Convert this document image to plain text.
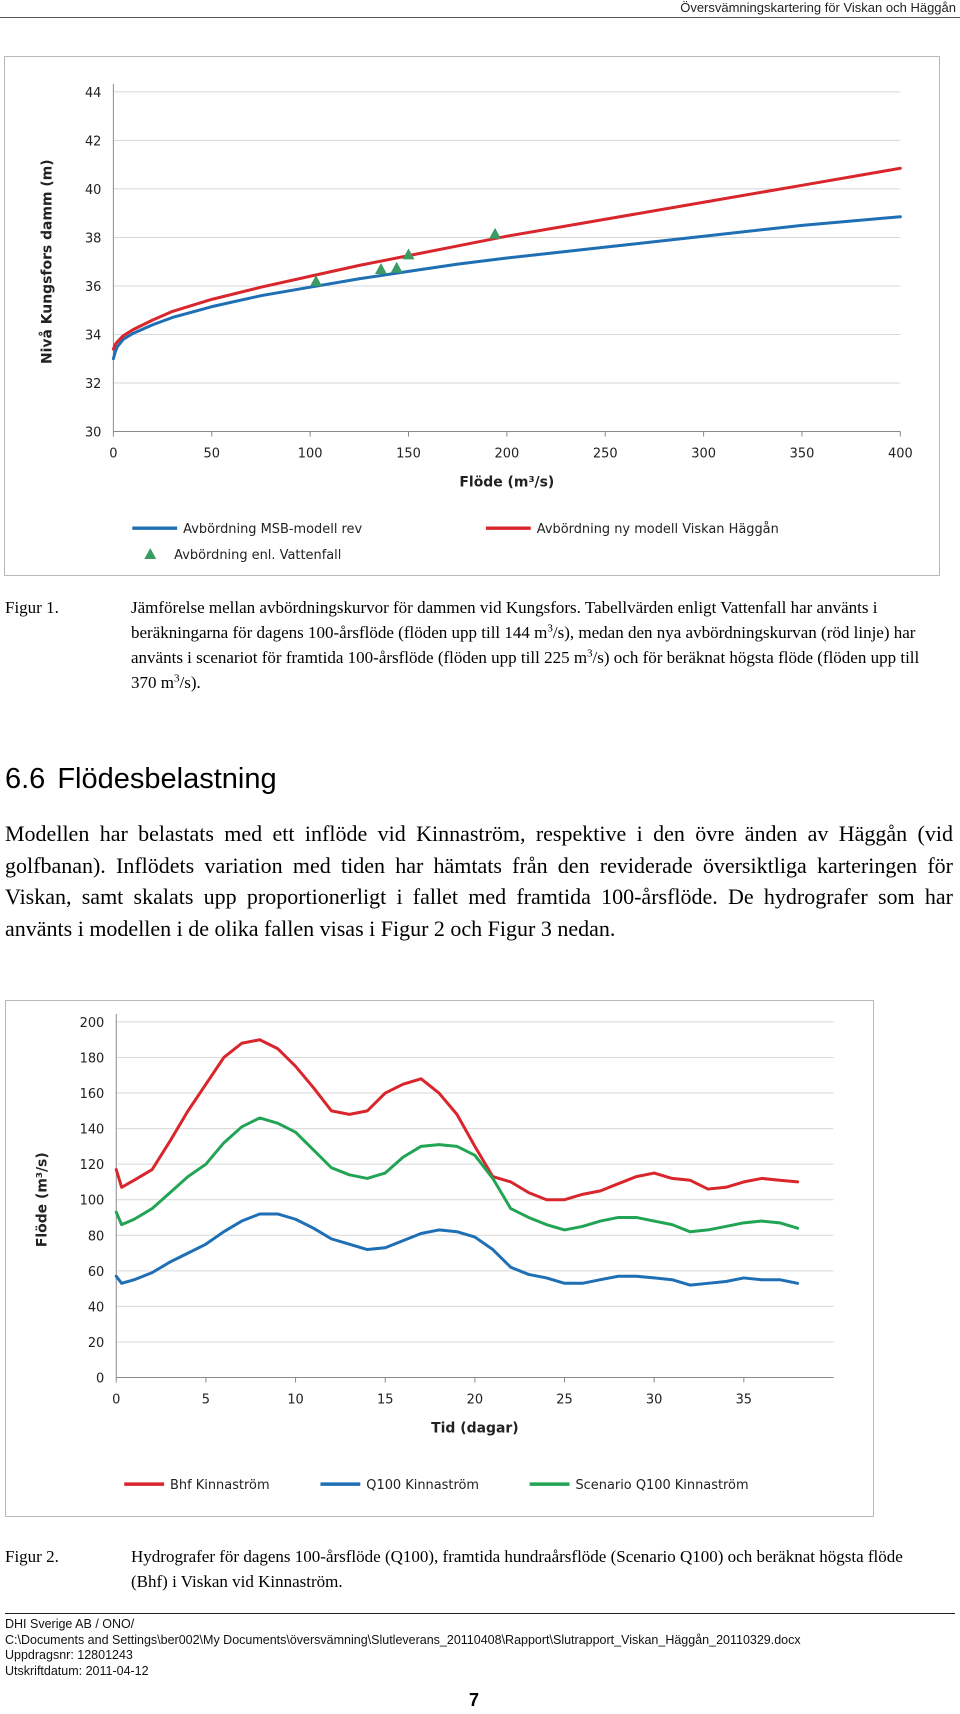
Översvämningskartering för Viskan och Häggån
30
32
34
36
38
40
42
44
0	50	100	150	200	250	300	350	400
Flöde (m³/s)
Nivå Kungsfors damm (m)
Avbördning MSB-modell rev	Avbördning ny modell Viskan Häggån
Avbördning enl. Vattenfall
Figur 1.	Jämförelse mellan avbördningskurvor för dammen vid Kungsfors. Tabellvärden enligt Vattenfall har använts i beräkningarna för dagens 100-årsflöde (flöden upp till 144 $m^3/s$), medan den nya avbördningskurvan (röd linje) har använts i scenariot för framtida 100-årsflöde (flöden upp till 225 $m^3/s$) och för beräknat högsta flöde (flöden upp till 370 $m^3/s$).

6.6 Flödesbelastning

Modellen har belastats med ett inflöde vid Kinnaström, respektive i den övre änden av Häggån (vid golfbanan). Inflödets variation med tiden har hämtats från den reviderade översiktliga karteringen för Viskan, samt skalats upp proportionerligt i fallet med framtida 100-årsflöde. De hydrografer som har använts i modellen i de olika fallen visas i Figur 2 och Figur 3 nedan.

0
20
40
60
80
100
120
140
160
180
200
0	5	10	15	20	25	30	35
Tid (dagar)
Flöde (m³/s)
Bhf Kinnaström	Q100 Kinnaström	Scenario Q100 Kinnaström
Figur 2.	Hydrografer för dagens 100-årsflöde (Q100), framtida hundraårsflöde (Scenario Q100) och beräknat högsta flöde (Bhf) i Viskan vid Kinnaström.

DHI Sverige AB / ONO/
C:\Documents and Settings\ber002\My Documents\översvämning\Slutleverans_20110408\Rapport\Slutrapport_Viskan_Häggån_20110329.docx
Uppdragsnr: 12801243
Utskriftdatum: 2011-04-12
7
